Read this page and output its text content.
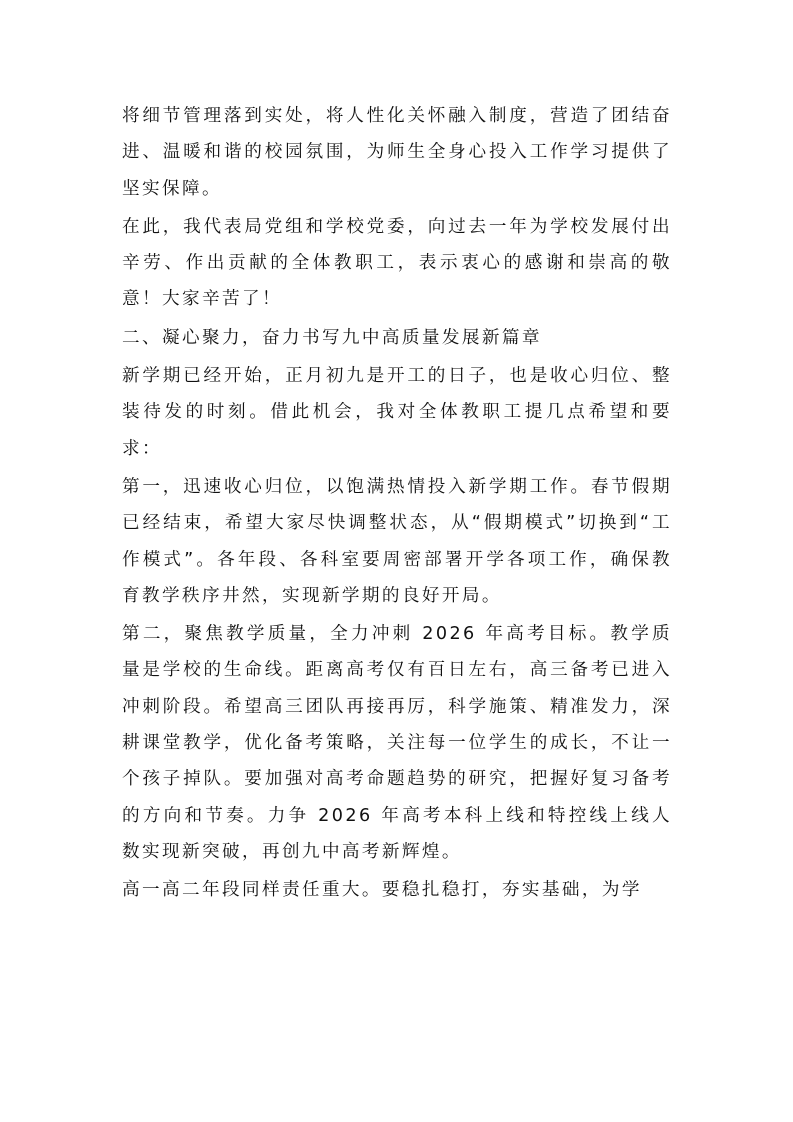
将细节管理落到实处，将人性化关怀融入制度，营造了团结奋进、温暖和谐的校园氛围，为师生全身心投入工作学习提供了坚实保障。

在此，我代表局党组和学校党委，向过去一年为学校发展付出辛劳、作出贡献的全体教职工，表示衷心的感谢和崇高的敬意！大家辛苦了！

二、凝心聚力，奋力书写九中高质量发展新篇章

新学期已经开始，正月初九是开工的日子，也是收心归位、整装待发的时刻。借此机会，我对全体教职工提几点希望和要求：

第一，迅速收心归位，以饱满热情投入新学期工作。春节假期已经结束，希望大家尽快调整状态，从“假期模式”切换到“工作模式”。各年段、各科室要周密部署开学各项工作，确保教育教学秩序井然，实现新学期的良好开局。

第二，聚焦教学质量，全力冲刺 2026 年高考目标。教学质量是学校的生命线。距离高考仅有百日左右，高三备考已进入冲刺阶段。希望高三团队再接再厉，科学施策、精准发力，深耕课堂教学，优化备考策略，关注每一位学生的成长，不让一个孩子掉队。要加强对高考命题趋势的研究，把握好复习备考的方向和节奏。力争 2026 年高考本科上线和特控线上线人数实现新突破，再创九中高考新辉煌。

高一高二年段同样责任重大。要稳扎稳打，夯实基础，为学
